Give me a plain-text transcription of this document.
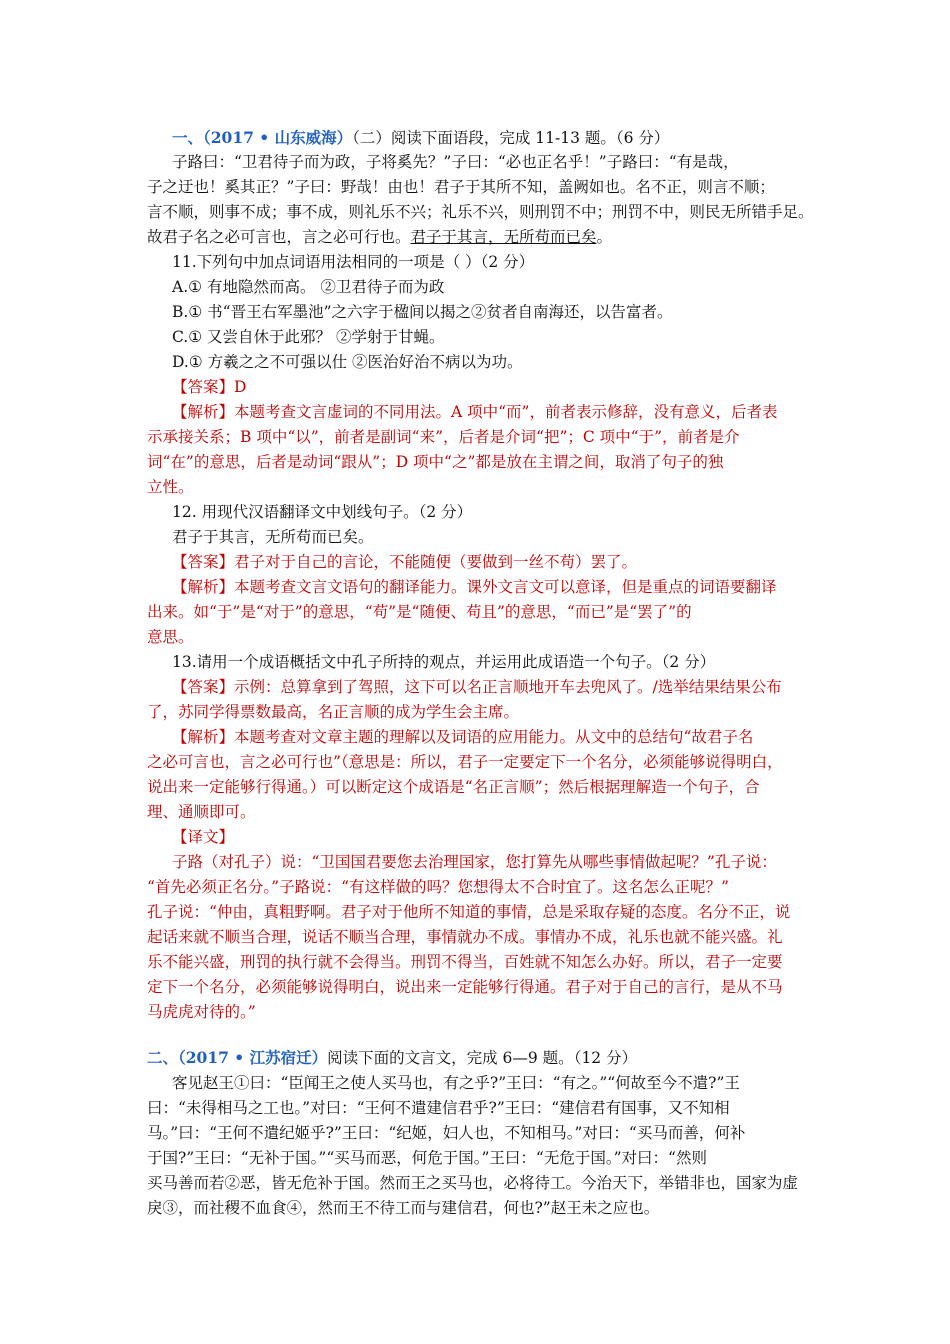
一、（2017 • 山东威海）（二）阅读下面语段，完成 11-13 题。（6 分）
子路曰：“卫君待子而为政，子将奚先？”子曰：“必也正名乎！”子路曰：“有是哉，
子之迂也！奚其正？”子曰：野哉！由也！君子于其所不知，盖阙如也。名不正，则言不顺；
言不顺，则事不成；事不成，则礼乐不兴；礼乐不兴，则刑罚不中；刑罚不中，则民无所错手足。
故君子名之必可言也，言之必可行也。君子于其言，无所苟而已矣。
11.下列句中加点词语用法相同的一项是（ ）（2 分）
A.① 有地隐然而高。 ②卫君待子而为政
B.① 书“晋王右军墨池”之六字于楹间以揭之②贫者自南海还，以告富者。
C.① 又尝自休于此邪？ ②学射于甘蝇。
D.① 方羲之之不可强以仕 ②医治好治不病以为功。
【答案】D
【解析】本题考查文言虚词的不同用法。A 项中“而”，前者表示修辞，没有意义，后者表
示承接关系；B 项中“以”，前者是副词“来”，后者是介词“把”；C 项中“于”，前者是介
词“在”的意思，后者是动词“跟从”；D 项中“之”都是放在主谓之间，取消了句子的独
立性。
12. 用现代汉语翻译文中划线句子。（2 分）
君子于其言，无所苟而已矣。
【答案】君子对于自己的言论，不能随便（要做到一丝不苟）罢了。
【解析】本题考查文言文语句的翻译能力。课外文言文可以意译，但是重点的词语要翻译
出来。如“于”是“对于”的意思，“苟”是“随便、苟且”的意思，“而已”是“罢了”的
意思。
13.请用一个成语概括文中孔子所持的观点，并运用此成语造一个句子。（2 分）
【答案】示例：总算拿到了驾照，这下可以名正言顺地开车去兜风了。/选举结果结果公布
了，苏同学得票数最高，名正言顺的成为学生会主席。
【解析】本题考查对文章主题的理解以及词语的应用能力。从文中的总结句“故君子名
之必可言也，言之必可行也”（意思是：所以，君子一定要定下一个名分，必须能够说得明白，
说出来一定能够行得通。）可以断定这个成语是“名正言顺”；然后根据理解造一个句子，合
理、通顺即可。
【译文】
子路（对孔子）说：“卫国国君要您去治理国家，您打算先从哪些事情做起呢？”孔子说：
“首先必须正名分。”子路说：“有这样做的吗？您想得太不合时宜了。这名怎么正呢？”
孔子说：“仲由，真粗野啊。君子对于他所不知道的事情，总是采取存疑的态度。名分不正，说
起话来就不顺当合理，说话不顺当合理，事情就办不成。事情办不成，礼乐也就不能兴盛。礼
乐不能兴盛，刑罚的执行就不会得当。刑罚不得当，百姓就不知怎么办好。所以，君子一定要
定下一个名分，必须能够说得明白，说出来一定能够行得通。君子对于自己的言行，是从不马
马虎虎对待的。”
二、（2017 • 江苏宿迁）阅读下面的文言文，完成 6—9 题。（12 分）
客见赵王①曰：“臣闻王之使人买马也，有之乎?”王曰：“有之。”“何故至今不遣?”王
曰：“未得相马之工也。”对曰：“王何不遣建信君乎?”王曰：“建信君有国事，又不知相
马。”曰：“王何不遣纪姬乎?”王曰：“纪姬，妇人也，不知相马。”对曰：“买马而善，何补
于国?”王曰：“无补于国。”“买马而恶，何危于国。”王曰：“无危于国。”对曰：“然则
买马善而若②恶，皆无危补于国。然而王之买马也，必将待工。今治天下，举错非也，国家为虚
戾③，而社稷不血食④，然而王不待工而与建信君，何也?”赵王未之应也。
